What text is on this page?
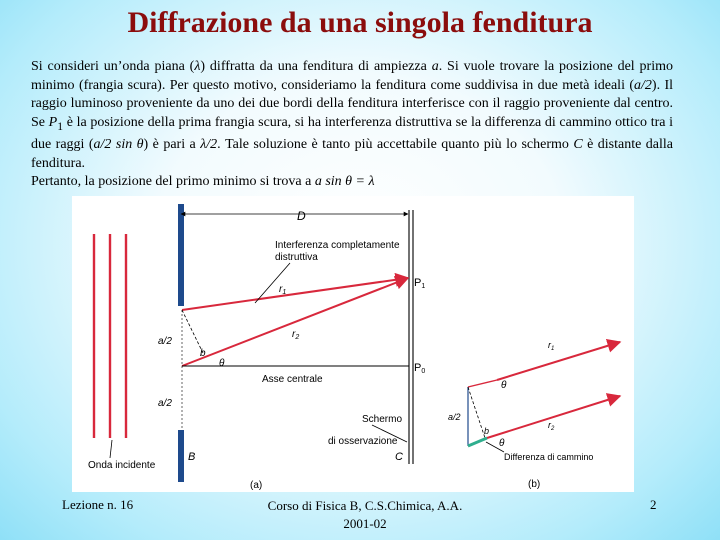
Diffrazione da una singola fenditura
Si consideri un’onda piana (λ) diffratta da una fenditura di ampiezza a. Si vuole trovare la posizione del primo minimo (frangia scura). Per questo motivo, consideriamo la fenditura come suddivisa in due metà ideali (a/2). Il raggio luminoso proveniente da uno dei due bordi della fenditura interferisce con il raggio proveniente dal centro. Se $P_1$ è la posizione della prima frangia scura, si ha interferenza distruttiva se la differenza di cammino ottico tra i due raggi (a/2 sin θ) è pari a λ/2. Tale soluzione è tanto più accettabile quanto più lo schermo C è distante dalla fenditura.
Pertanto, la posizione del primo minimo si trova a a sin θ = λ
D
$r_1$
$r_2$
Interferenza completamente
distruttiva
P1
P0
Asse centrale
a/2
a/2
b
θ
Schermo
di osservazione
C
B
Onda incidente
(a)
$r_1$
$r_2$
a/2
b
θ
θ
Differenza di cammino
(b)
Lezione n. 16	Corso di Fisica B, C.S.Chimica, A.A.
2001-02
2
